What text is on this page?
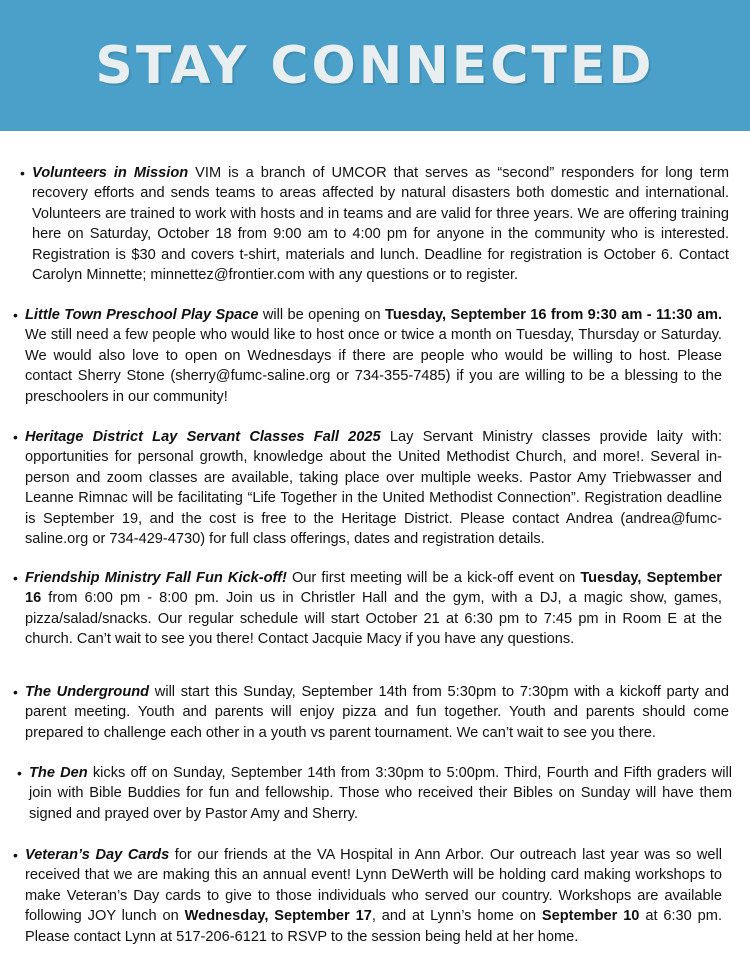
STAY CONNECTED

• Volunteers in Mission VIM is a branch of UMCOR that serves as “second” responders for long term recovery efforts and sends teams to areas affected by natural disasters both domestic and international. Volunteers are trained to work with hosts and in teams and are valid for three years. We are offering training here on Saturday, October 18 from 9:00 am to 4:00 pm for anyone in the community who is interested. Registration is $30 and covers t-shirt, materials and lunch. Deadline for registration is October 6. Contact Carolyn Minnette; minnettez@frontier.com with any questions or to register.

• Little Town Preschool Play Space will be opening on Tuesday, September 16 from 9:30 am - 11:30 am. We still need a few people who would like to host once or twice a month on Tuesday, Thursday or Saturday. We would also love to open on Wednesdays if there are people who would be willing to host. Please contact Sherry Stone (sherry@fumc-saline.org or 734-355-7485) if you are willing to be a blessing to the preschoolers in our community!

• Heritage District Lay Servant Classes Fall 2025 Lay Servant Ministry classes provide laity with: opportunities for personal growth, knowledge about the United Methodist Church, and more!. Several in-person and zoom classes are available, taking place over multiple weeks. Pastor Amy Triebwasser and Leanne Rimnac will be facilitating “Life Together in the United Methodist Connection”. Registration deadline is September 19, and the cost is free to the Heritage District. Please contact Andrea (andrea@fumc-saline.org or 734-429-4730) for full class offerings, dates and registration details.

• Friendship Ministry Fall Fun Kick-off! Our first meeting will be a kick-off event on Tuesday, September 16 from 6:00 pm - 8:00 pm. Join us in Christler Hall and the gym, with a DJ, a magic show, games, pizza/salad/snacks. Our regular schedule will start October 21 at 6:30 pm to 7:45 pm in Room E at the church. Can’t wait to see you there! Contact Jacquie Macy if you have any questions.

• The Underground will start this Sunday, September 14th from 5:30pm to 7:30pm with a kickoff party and parent meeting. Youth and parents will enjoy pizza and fun together. Youth and parents should come prepared to challenge each other in a youth vs parent tournament. We can’t wait to see you there.

• The Den kicks off on Sunday, September 14th from 3:30pm to 5:00pm. Third, Fourth and Fifth graders will join with Bible Buddies for fun and fellowship. Those who received their Bibles on Sunday will have them signed and prayed over by Pastor Amy and Sherry.

• Veteran’s Day Cards for our friends at the VA Hospital in Ann Arbor. Our outreach last year was so well received that we are making this an annual event! Lynn DeWerth will be holding card making workshops to make Veteran’s Day cards to give to those individuals who served our country. Workshops are available following JOY lunch on Wednesday, September 17, and at Lynn’s home on September 10 at 6:30 pm. Please contact Lynn at 517-206-6121 to RSVP to the session being held at her home.
